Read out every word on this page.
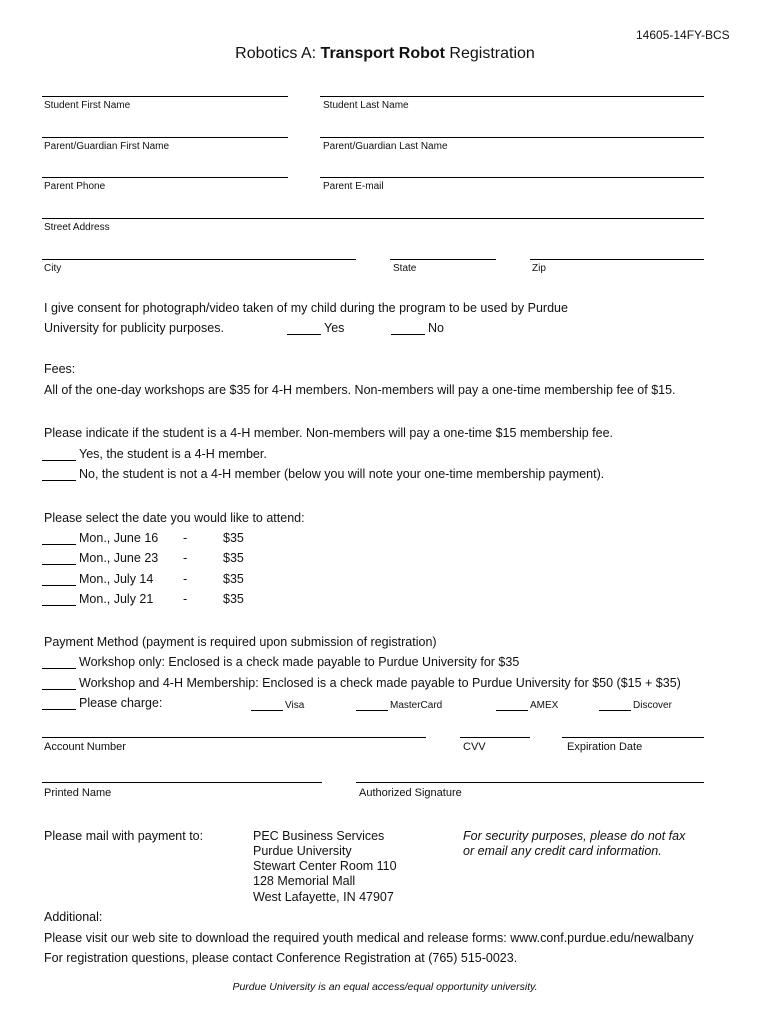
14605-14FY-BCS
Robotics A: Transport Robot Registration
Student First Name	Student Last Name
Parent/Guardian First Name	Parent/Guardian Last Name
Parent Phone	Parent E-mail
Street Address
City	State	Zip
I give consent for photograph/video taken of my child during the program to be used by Purdue
University for publicity purposes.	Yes	No
Fees:
All of the one-day workshops are $35 for 4-H members. Non-members will pay a one-time membership fee of $15.
Please indicate if the student is a 4-H member. Non-members will pay a one-time $15 membership fee.
Yes, the student is a 4-H member.
No, the student is not a 4-H member (below you will note your one-time membership payment).
Please select the date you would like to attend:
Mon., June 16 -	$35
Mon., June 23 -	$35
Mon., July 14 -	$35
Mon., July 21 -	$35
Payment Method (payment is required upon submission of registration)
Workshop only: Enclosed is a check made payable to Purdue University for $35
Workshop and 4-H Membership: Enclosed is a check made payable to Purdue University for $50 ($15 + $35)
Please charge:	Visa	MasterCard	AMEX	Discover
Account Number	CVV	Expiration Date
Printed Name	Authorized Signature
Please mail with payment to:	PEC Business Services
Purdue University
Stewart Center Room 110
128 Memorial Mall
West Lafayette, IN 47907
For security purposes, please do not fax
or email any credit card information.
Additional:
Please visit our web site to download the required youth medical and release forms: www.conf.purdue.edu/newalbany
For registration questions, please contact Conference Registration at (765) 515-0023.
Purdue University is an equal access/equal opportunity university.
